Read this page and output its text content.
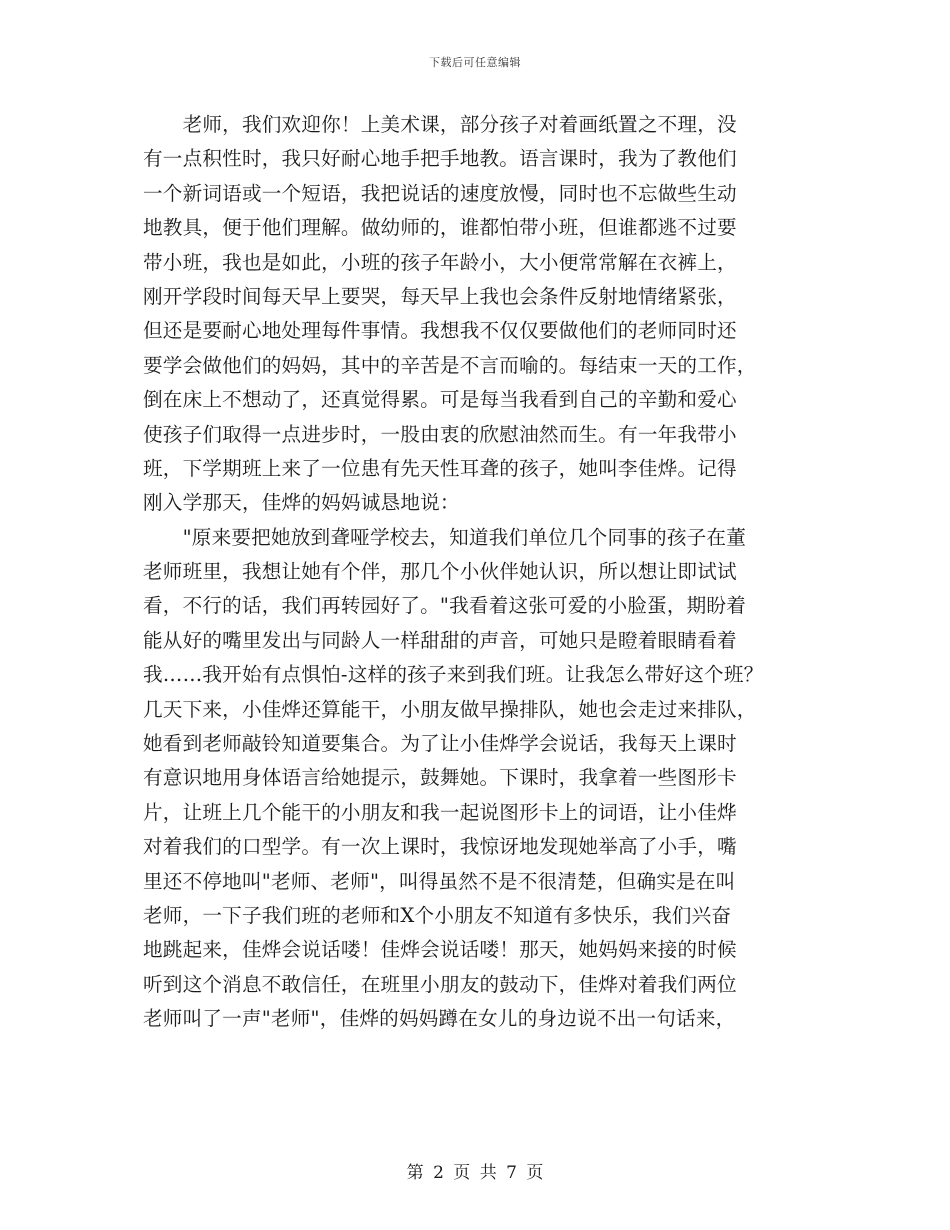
下载后可任意编辑
　　老师，我们欢迎你！上美术课，部分孩子对着画纸置之不理，没
有一点积性时，我只好耐心地手把手地教。语言课时，我为了教他们
一个新词语或一个短语，我把说话的速度放慢，同时也不忘做些生动
地教具，便于他们理解。做幼师的，谁都怕带小班，但谁都逃不过要
带小班，我也是如此，小班的孩子年龄小，大小便常常解在衣裤上，
刚开学段时间每天早上要哭，每天早上我也会条件反射地情绪紧张，
但还是要耐心地处理每件事情。我想我不仅仅要做他们的老师同时还
要学会做他们的妈妈，其中的辛苦是不言而喻的。每结束一天的工作，
倒在床上不想动了，还真觉得累。可是每当我看到自己的辛勤和爱心
使孩子们取得一点进步时，一股由衷的欣慰油然而生。有一年我带小
班，下学期班上来了一位患有先天性耳聋的孩子，她叫李佳烨。记得
刚入学那天，佳烨的妈妈诚恳地说：
　　"原来要把她放到聋哑学校去，知道我们单位几个同事的孩子在董
老师班里，我想让她有个伴，那几个小伙伴她认识，所以想让即试试
看，不行的话，我们再转园好了。"我看着这张可爱的小脸蛋，期盼着
能从好的嘴里发出与同龄人一样甜甜的声音，可她只是瞪着眼睛看着
我……我开始有点惧怕-这样的孩子来到我们班。让我怎么带好这个班？
几天下来，小佳烨还算能干，小朋友做早操排队，她也会走过来排队，
她看到老师敲铃知道要集合。为了让小佳烨学会说话，我每天上课时
有意识地用身体语言给她提示，鼓舞她。下课时，我拿着一些图形卡
片，让班上几个能干的小朋友和我一起说图形卡上的词语，让小佳烨
对着我们的口型学。有一次上课时，我惊讶地发现她举高了小手，嘴
里还不停地叫"老师、老师"，叫得虽然不是不很清楚，但确实是在叫
老师，一下子我们班的老师和X个小朋友不知道有多快乐，我们兴奋
地跳起来，佳烨会说话喽！佳烨会说话喽！那天，她妈妈来接的时候
听到这个消息不敢信任，在班里小朋友的鼓动下，佳烨对着我们两位
老师叫了一声"老师"，佳烨的妈妈蹲在女儿的身边说不出一句话来，
第 2 页 共 7 页
